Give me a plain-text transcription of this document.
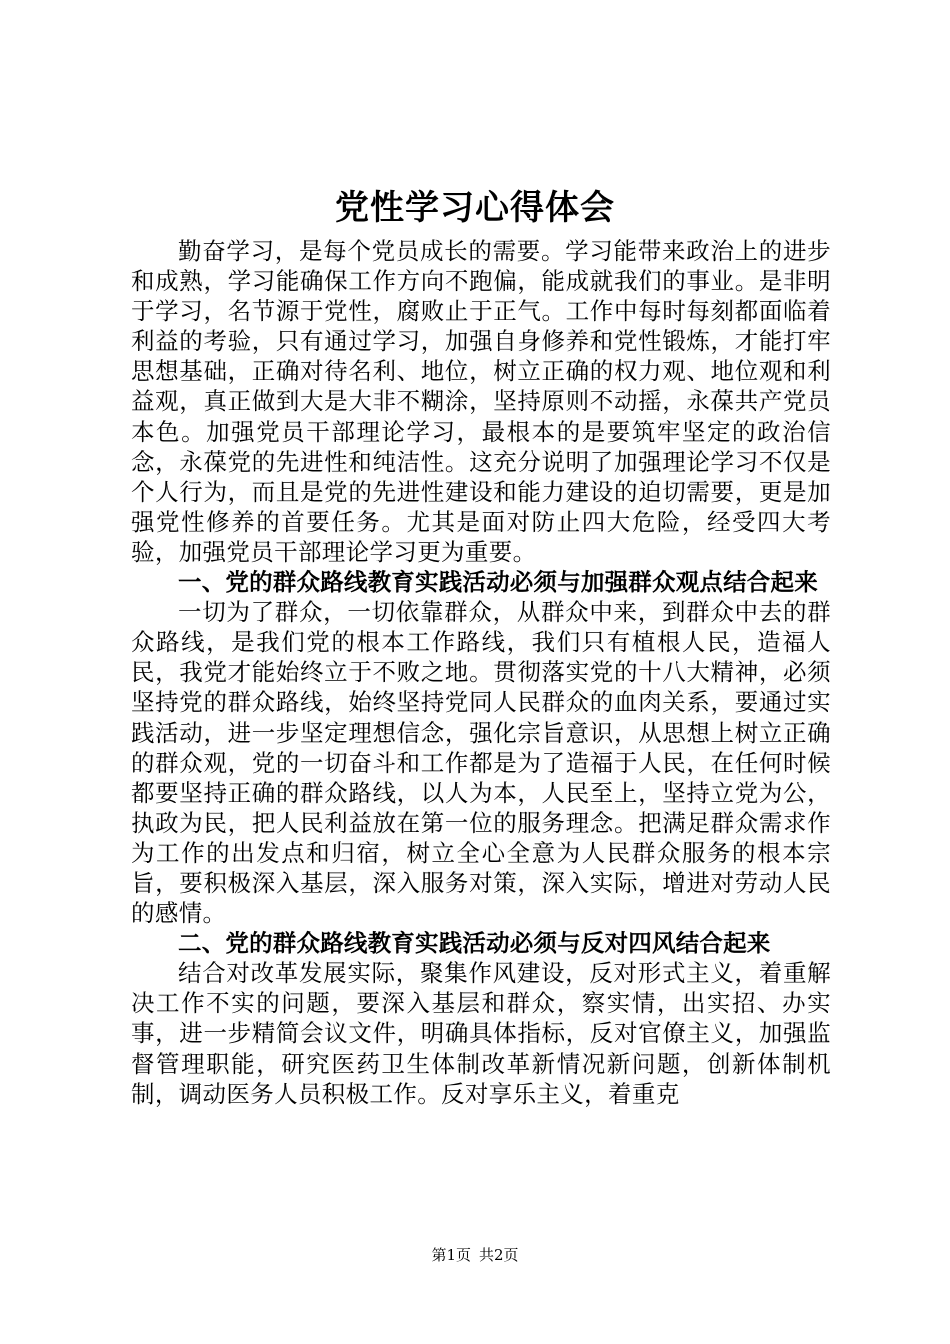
党性学习心得体会

勤奋学习，是每个党员成长的需要。学习能带来政治上的进步和成熟，学习能确保工作方向不跑偏，能成就我们的事业。是非明于学习，名节源于党性，腐败止于正气。工作中每时每刻都面临着利益的考验，只有通过学习，加强自身修养和党性锻炼，才能打牢思想基础，正确对待名利、地位，树立正确的权力观、地位观和利益观，真正做到大是大非不糊涂，坚持原则不动摇，永葆共产党员本色。加强党员干部理论学习，最根本的是要筑牢坚定的政治信念，永葆党的先进性和纯洁性。这充分说明了加强理论学习不仅是个人行为，而且是党的先进性建设和能力建设的迫切需要，更是加强党性修养的首要任务。尤其是面对防止四大危险，经受四大考验，加强党员干部理论学习更为重要。

一、党的群众路线教育实践活动必须与加强群众观点结合起来

一切为了群众，一切依靠群众，从群众中来，到群众中去的群众路线，是我们党的根本工作路线，我们只有植根人民，造福人民，我党才能始终立于不败之地。贯彻落实党的十八大精神，必须坚持党的群众路线，始终坚持党同人民群众的血肉关系，要通过实践活动，进一步坚定理想信念，强化宗旨意识，从思想上树立正确的群众观，党的一切奋斗和工作都是为了造福于人民，在任何时候都要坚持正确的群众路线，以人为本，人民至上，坚持立党为公，执政为民，把人民利益放在第一位的服务理念。把满足群众需求作为工作的出发点和归宿，树立全心全意为人民群众服务的根本宗旨，要积极深入基层，深入服务对策，深入实际，增进对劳动人民的感情。

二、党的群众路线教育实践活动必须与反对四风结合起来

结合对改革发展实际，聚集作风建设，反对形式主义，着重解决工作不实的问题，要深入基层和群众，察实情，出实招、办实事，进一步精简会议文件，明确具体指标，反对官僚主义，加强监督管理职能，研究医药卫生体制改革新情况新问题，创新体制机制，调动医务人员积极工作。反对享乐主义，着重克

第1页 共2页
